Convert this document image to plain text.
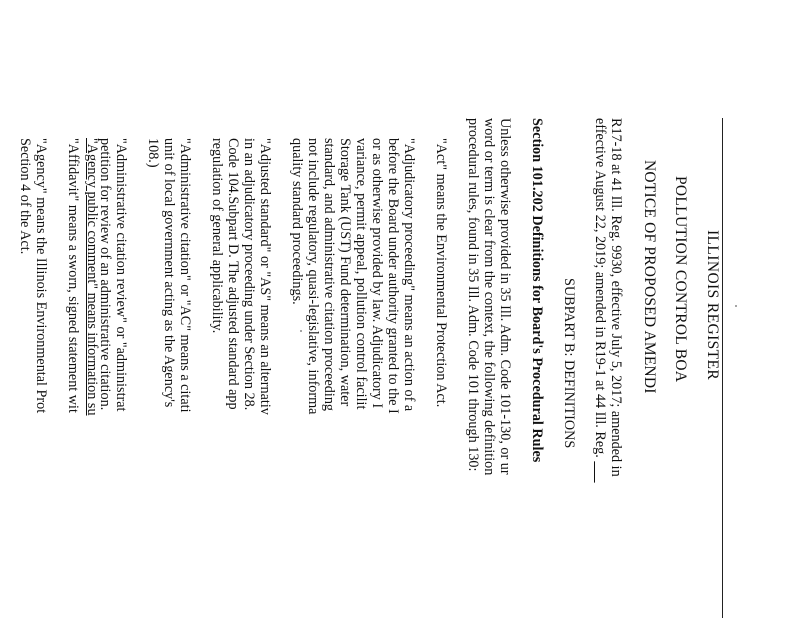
ILLINOIS REGISTER
POLLUTION CONTROL BOA
NOTICE OF PROPOSED AMENDI
R17-18 at 41 Ill. Reg. 9930, effective July 5, 2017; amended in
effective August 22, 2019; amended in R19-1 at 44 Ill. Reg.
SUBPART B: DEFINITIONS
Section 101.202 Definitions for Board's Procedural Rules
Unless otherwise provided in 35 Ill. Adm. Code 101-130, or ur
word or term is clear from the context, the following definition
procedural rules, found in 35 Ill. Adm. Code 101 through 130:
"Act" means the Environmental Protection Act.
"Adjudicatory proceeding" means an action of a
before the Board under authority granted to the I
or as otherwise provided by law. Adjudicatory I
variance, permit appeal, pollution control facilit
Storage Tank (UST) Fund determination, water
standard, and administrative citation proceeding
not include regulatory, quasi-legislative, informa
quality standard proceedings.
"Adjusted standard" or "AS" means an alternativ
in an adjudicatory proceeding under Section 28.
Code 104.Subpart D. The adjusted standard app
regulation of general applicability.
"Administrative citation" or "AC" means a citati
unit of local government acting as the Agency's
108.)
"Administrative citation review" or "administrat
petition for review of an administrative citation.
"Affidavit" means a sworn, signed statement wit
"Agency" means the Illinois Environmental Prot
Section 4 of the Act.	"Agency public comment" means information su
